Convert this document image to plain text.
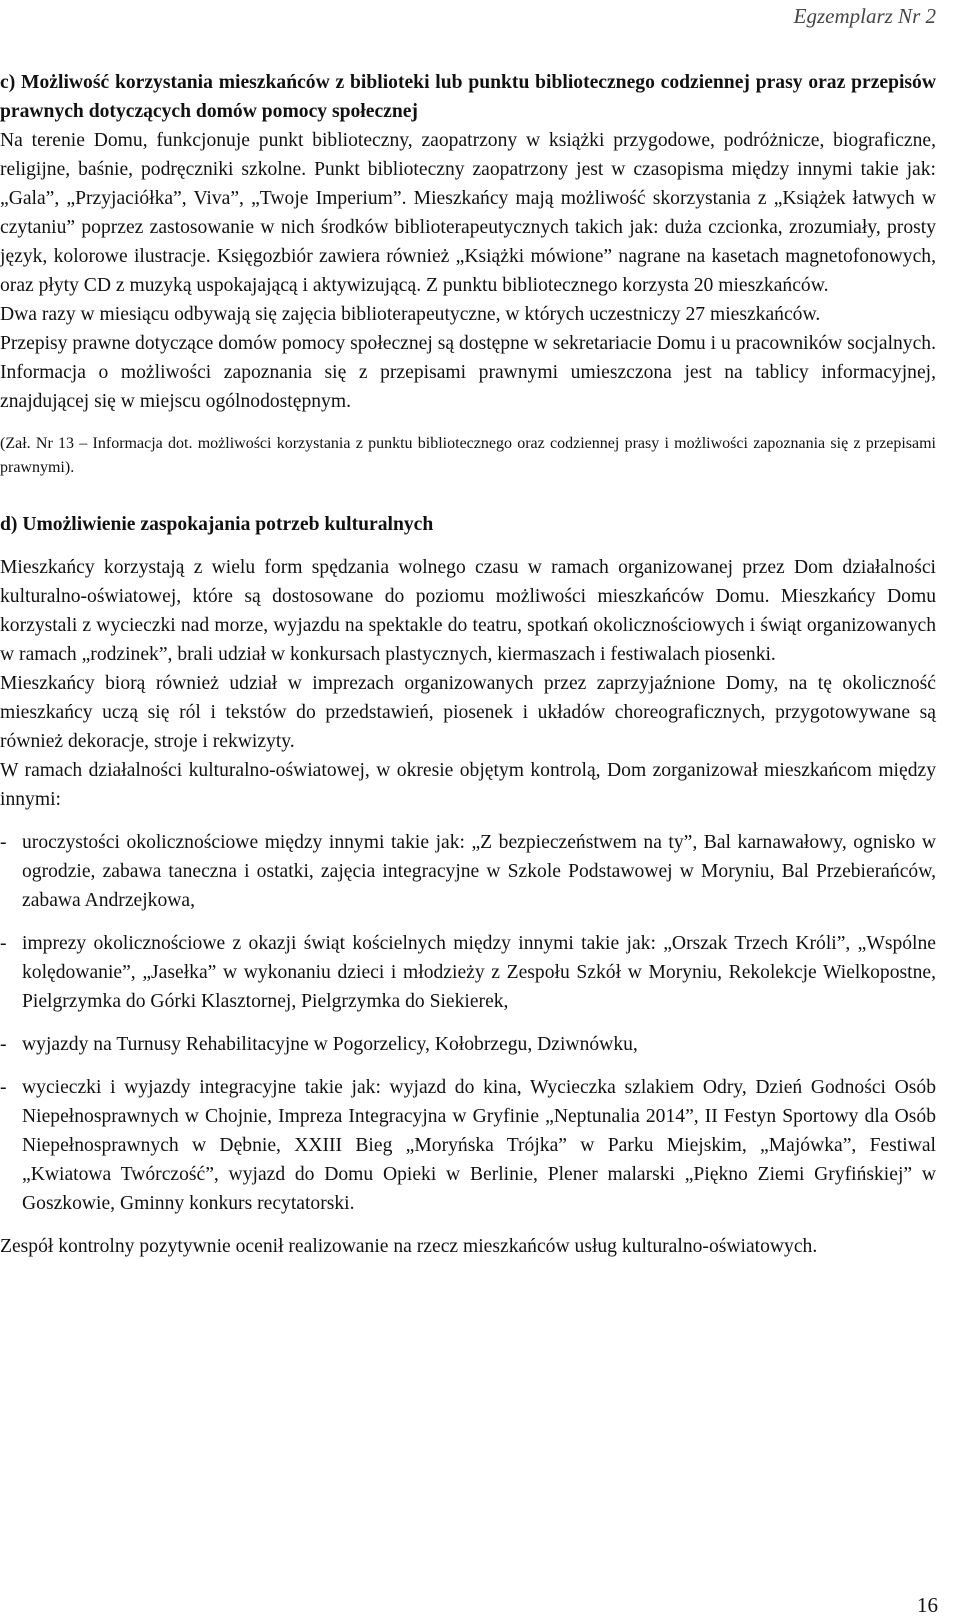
Egzemplarz Nr 2

c) Możliwość korzystania mieszkańców z biblioteki lub punktu bibliotecznego codziennej prasy oraz przepisów prawnych dotyczących domów pomocy społecznej

Na terenie Domu, funkcjonuje punkt biblioteczny, zaopatrzony w książki przygodowe, podróżnicze, biograficzne, religijne, baśnie, podręczniki szkolne. Punkt biblioteczny zaopatrzony jest w czasopisma między innymi takie jak: „Gala”, „Przyjaciółka”, Viva”, „Twoje Imperium”. Mieszkańcy mają możliwość skorzystania z „Książek łatwych w czytaniu” poprzez zastosowanie w nich środków biblioterapeutycznych takich jak: duża czcionka, zrozumiały, prosty język, kolorowe ilustracje. Księgozbiór zawiera również „Książki mówione” nagrane na kasetach magnetofonowych, oraz płyty CD z muzyką uspokajającą i aktywizującą. Z punktu bibliotecznego korzysta 20 mieszkańców.

Dwa razy w miesiącu odbywają się zajęcia biblioterapeutyczne, w których uczestniczy 27 mieszkańców.

Przepisy prawne dotyczące domów pomocy społecznej są dostępne w sekretariacie Domu i u pracowników socjalnych. Informacja o możliwości zapoznania się z przepisami prawnymi umieszczona jest na tablicy informacyjnej, znajdującej się w miejscu ogólnodostępnym.

(Zał. Nr 13 – Informacja dot. możliwości korzystania z punktu bibliotecznego oraz codziennej prasy i możliwości zapoznania się z przepisami prawnymi).

d) Umożliwienie zaspokajania potrzeb kulturalnych

Mieszkańcy korzystają z wielu form spędzania wolnego czasu w ramach organizowanej przez Dom działalności kulturalno-oświatowej, które są dostosowane do poziomu możliwości mieszkańców Domu. Mieszkańcy Domu korzystali z wycieczki nad morze, wyjazdu na spektakle do teatru, spotkań okolicznościowych i świąt organizowanych w ramach „rodzinek”, brali udział w konkursach plastycznych, kiermaszach i festiwalach piosenki.

Mieszkańcy biorą również udział w imprezach organizowanych przez zaprzyjaźnione Domy, na tę okoliczność mieszkańcy uczą się ról i tekstów do przedstawień, piosenek i układów choreograficznych, przygotowywane są również dekoracje, stroje i rekwizyty.

W ramach działalności kulturalno-oświatowej, w okresie objętym kontrolą, Dom zorganizował mieszkańcom między innymi:

- uroczystości okolicznościowe między innymi takie jak: „Z bezpieczeństwem na ty”, Bal karnawałowy, ognisko w ogrodzie, zabawa taneczna i ostatki, zajęcia integracyjne w Szkole Podstawowej w Moryniu, Bal Przebierańców, zabawa Andrzejkowa,
- imprezy okolicznościowe z okazji świąt kościelnych między innymi takie jak: „Orszak Trzech Króli”, „Wspólne kolędowanie”, „Jasełka” w wykonaniu dzieci i młodzieży z Zespołu Szkół w Moryniu, Rekolekcje Wielkopostne, Pielgrzymka do Górki Klasztornej, Pielgrzymka do Siekierek,
- wyjazdy na Turnusy Rehabilitacyjne w Pogorzelicy, Kołobrzegu, Dziwnówku,
- wycieczki i wyjazdy integracyjne takie jak: wyjazd do kina, Wycieczka szlakiem Odry, Dzień Godności Osób Niepełnosprawnych w Chojnie, Impreza Integracyjna w Gryfinie „Neptunalia 2014”, II Festyn Sportowy dla Osób Niepełnosprawnych w Dębnie, XXIII Bieg „Moryńska Trójka” w Parku Miejskim, „Majówka”, Festiwal „Kwiatowa Twórczość”, wyjazd do Domu Opieki w Berlinie, Plener malarski „Piękno Ziemi Gryfińskiej” w Goszkowie, Gminny konkurs recytatorski.

Zespół kontrolny pozytywnie ocenił realizowanie na rzecz mieszkańców usług kulturalno-oświatowych.

16
